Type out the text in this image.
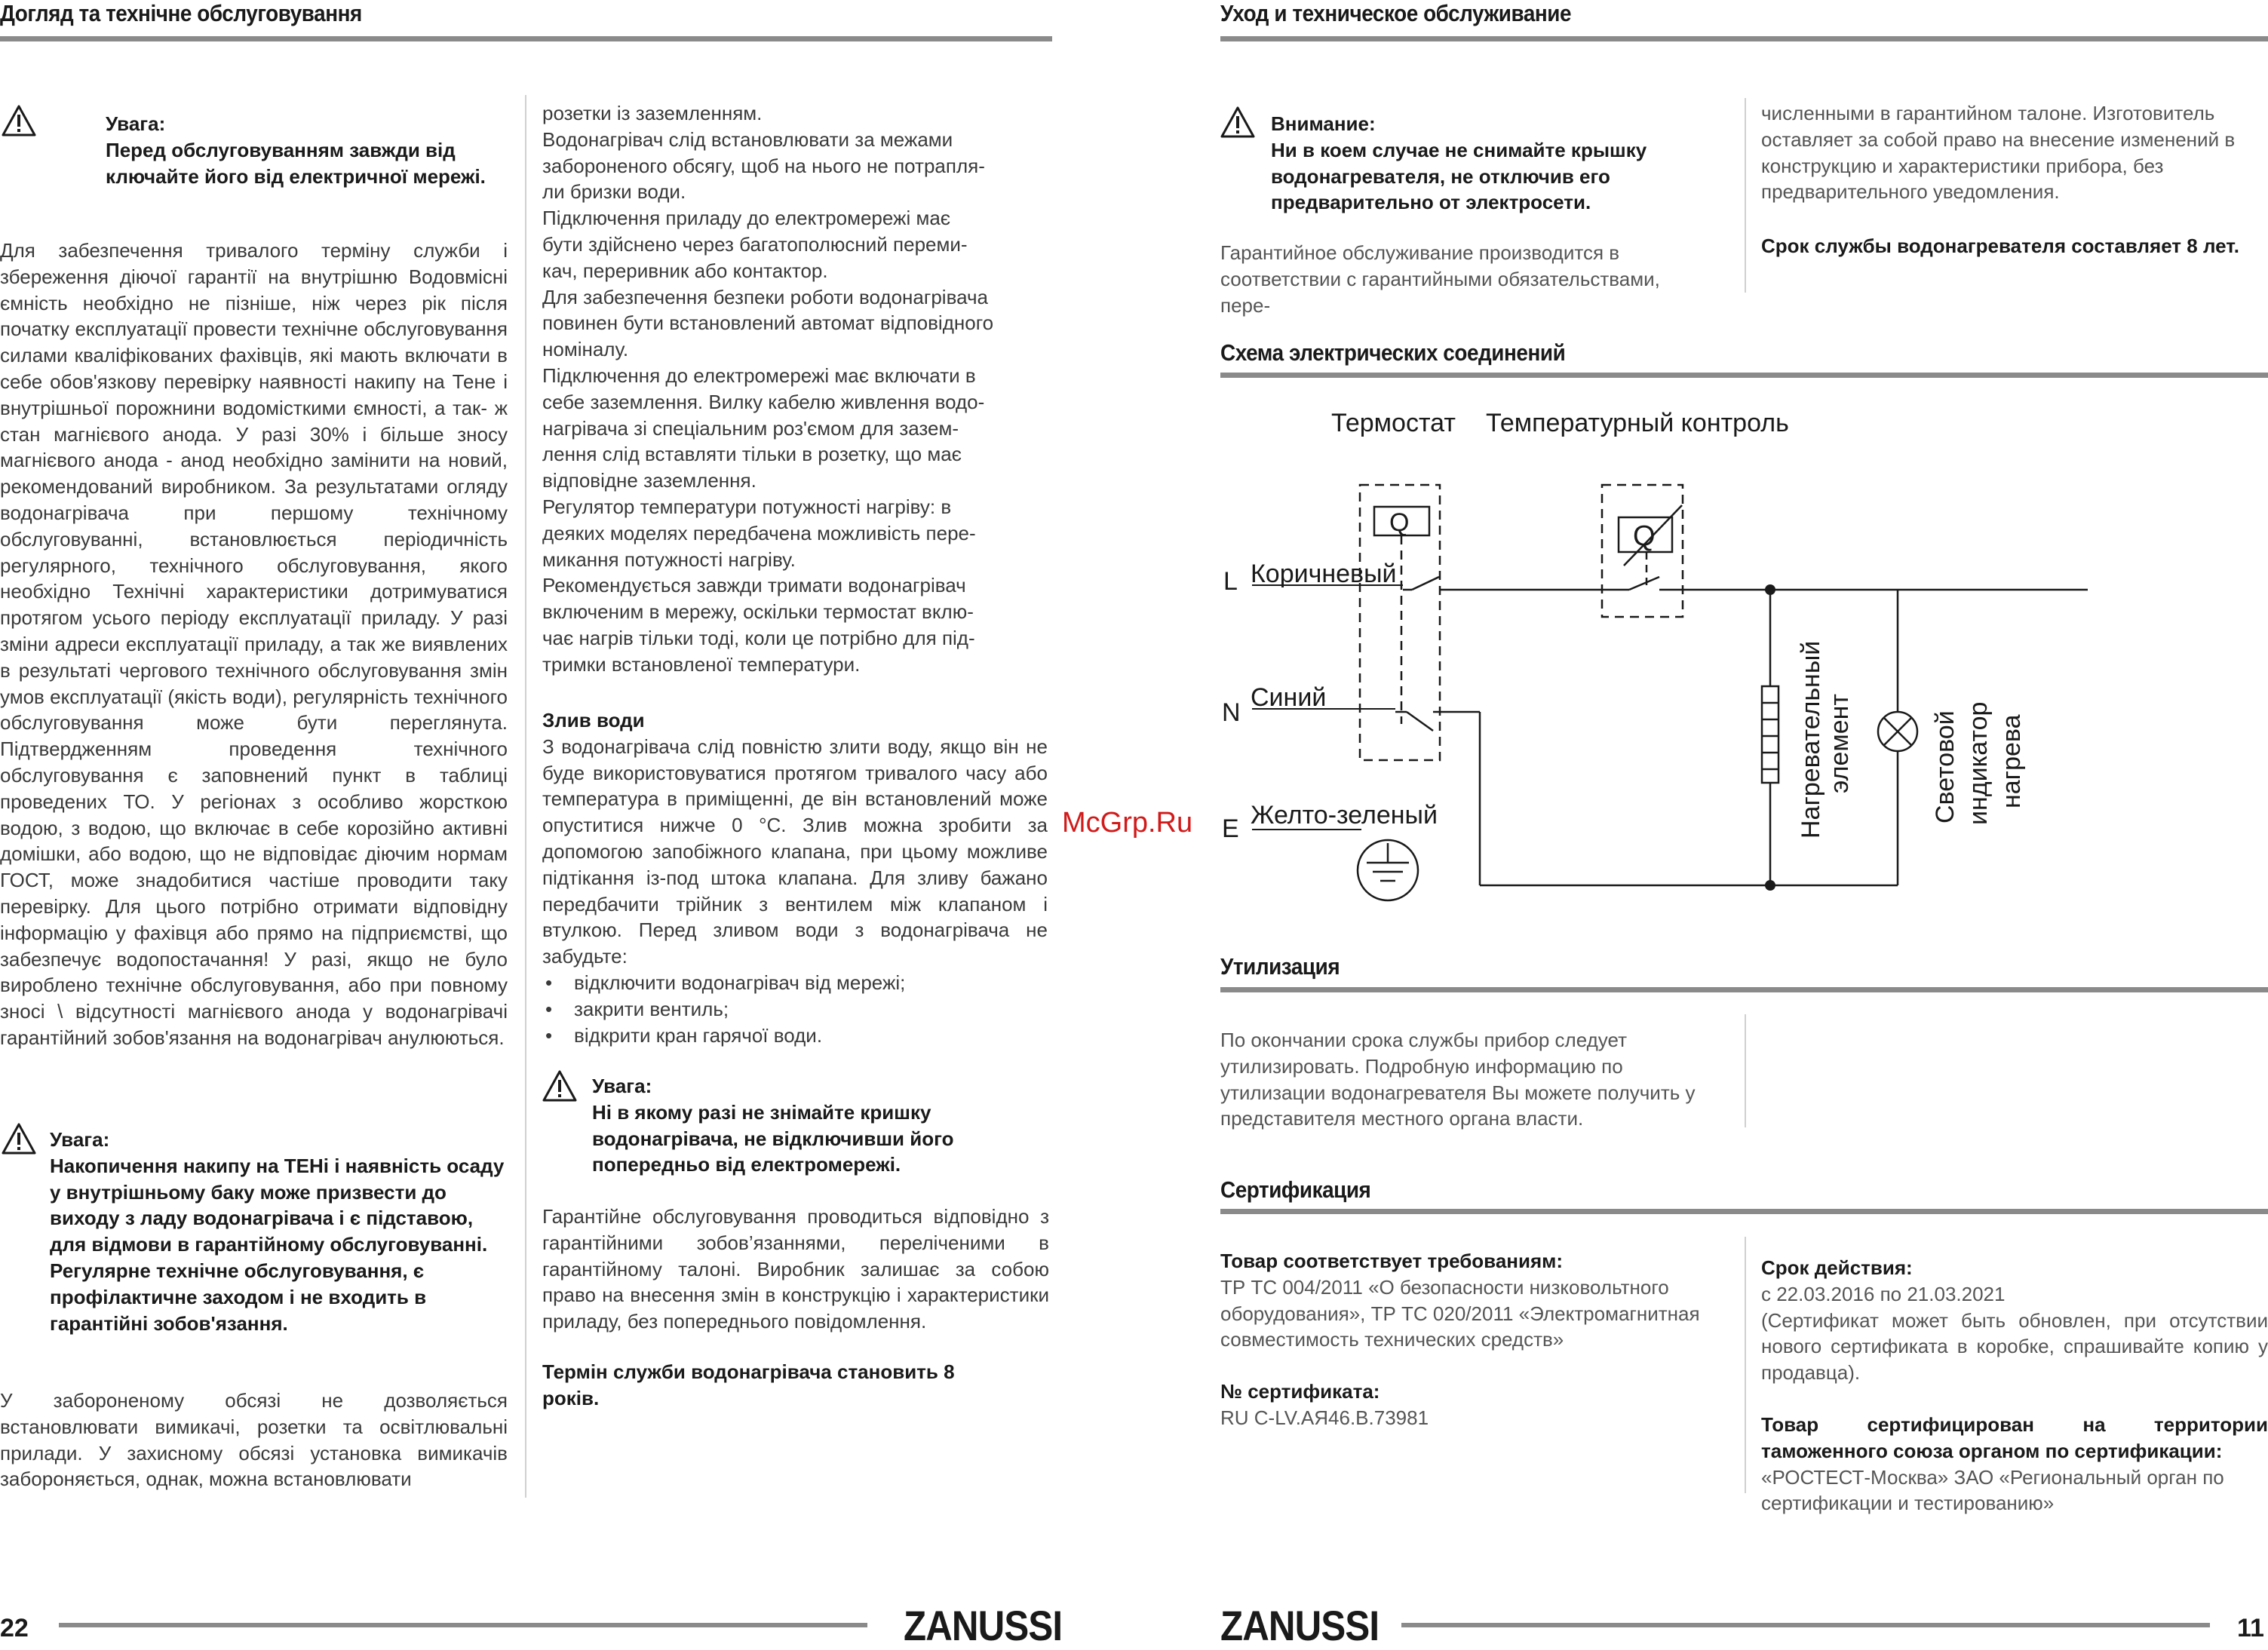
Догляд та технічне обслуговування
Увага:
Перед обслуговуванням завжди від ключайте його від електричної мережі.
Для забезпечення тривалого терміну служби і збереження діючої гарантії на внутрішню Водовмісні ємність необхідно не пізніше, ніж через рік після початку експлуатації провести технічне обслуговування силами кваліфікованих фахівців, які мають включати в себе обов'язкову перевірку наявності накипу на Тене і внутрішньої порожнини водомісткими ємності, а так- ж стан магнієвого анода. У разі 30% і більше зносу магнієвого анода - анод необхідно замінити на новий, рекомендований виробником. За результатами огляду водонагрівача при першому технічному обслуговуванні, встановлюється періодичність регулярного, технічного обслуговування, якого необхідно Технічні характеристики дотримуватися протягом усього періоду експлуатації приладу. У разі зміни адреси експлуатації приладу, а так же виявлених в результаті чергового технічного обслуговування змін умов експлуатації (якість води), регулярність технічного обслуговування може бути переглянута. Підтвердженням проведення технічного обслуговування є заповнений пункт в таблиці проведених ТО. У регіонах з особливо жорсткою водою, з водою, що включає в себе корозійно активні домішки, або водою, що не відповідає діючим нормам ГОСТ, може знадобитися частіше проводити таку перевірку. Для цього потрібно отримати відповідну інформацію у фахівця або прямо на підприємстві, що забезпечує водопостачання! У разі, якщо не було вироблено технічне обслуговування, або при повному зносі \ відсутності магнієвого анода у водонагрівачі гарантійний зобов'язання на водонагрівач анулюються.
Увага:
Накопичення накипу на ТЕНі і наявність осаду у внутрішньому баку може призвести до виходу з ладу водонагрівача і є підставою, для відмови в гарантійному обслуговуванні. Регулярне технічне обслуговування, є профілактичне заходом і не входить в гарантійні зобов'язання.
У забороненому обсязі не дозволяється встановлювати вимикачі, розетки та освітлювальні прилади. У захисному обсязі установка вимикачів забороняється, однак, можна встановлювати
розетки із заземленням.
Водонагрівач слід встановлювати за межами
забороненого обсягу, щоб на нього не потрапля-
ли бризки води.
Підключення приладу до електромережі має
бути здійснено через багатополюсний переми-
кач, переривник або контактор.
Для забезпечення безпеки роботи водонагрівача
повинен бути встановлений автомат відповідного
номіналу.
Підключення до електромережі має включати в
себе заземлення. Вилку кабелю живлення водо-
нагрівача зі спеціальним роз'ємом для зазем-
лення слід вставляти тільки в розетку, що має
відповідне заземлення.
Регулятор температури потужності нагріву: в
деяких моделях передбачена можливість пере-
микання потужності нагріву.
Рекомендується завжди тримати водонагрівач
включеним в мережу, оскільки термостат вклю-
чає нагрів тільки тоді, коли це потрібно для під-
тримки встановленої температури.
Злив води
З водонагрівача слід повністю злити воду, якщо він не буде використовуватися протягом тривалого часу або температура в приміщенні, де він встановлений може опуститися нижче 0 °С. Злив можна зробити за допомогою запобіжного клапана, при цьому можливе підтікання із-под штока клапана. Для зливу бажано передбачити трійник з вентилем між клапаном і втулкою. Перед зливом води з водонагрівача не забудьте:
• відключити водонагрівач від мережі;
• закрити вентиль;
• відкрити кран гарячої води.
Увага:
Ні в якому разі не знімайте кришку водонагрівача, не відключивши його попередньо від електромережі.
Гарантійне обслуговування проводиться відповідно з гарантійними зобов’язаннями, переліченими в гарантійному талоні. Виробник залишає за собою право на внесення змін в конструкцію і характеристики приладу, без попереднього повідомлення.
Термін служби водонагрівача становить 8 років.
22	ZANUSSI
Уход и техническое обслуживание
Внимание:
Ни в коем случае не снимайте крышку водонагревателя, не отключив его предварительно от электросети.
Гарантийное обслуживание производится в соответствии с гарантийными обязательствами, пере-
численными в гарантийном талоне. Изготовитель оставляет за собой право на внесение изменений в конструкцию и характеристики прибора, без предварительного уведомления.
Срок службы водонагревателя составляет 8 лет.
Схема электрических соединений
Термостат Температурный контроль
Q	Q
L Коричневый
N
Синий
E Желто-зеленый	Нагревательный элемент	Световой индикатор нагрева
McGrp.Ru
Утилизация
По окончании срока службы прибор следует утилизировать. Подробную информацию по утилизации водонагревателя Вы можете получить у представителя местного органа власти.
Сертификация
Товар соответствует требованиям:
ТР ТС 004/2011 «О безопасности низковольтного оборудования», ТР ТС 020/2011 «Электромагнитная совместимость технических средств»
№ сертификата:
RU C-LV.АЯ46.В.73981
Срок действия:
с 22.03.2016 по 21.03.2021
(Сертификат может быть обновлен, при отсутствии нового сертификата в коробке, спрашивайте копию у продавца).
Товар сертифицирован на территории таможенного союза органом по сертификации:
«РОСТЕСТ-Москва» ЗАО «Региональный орган по сертификации и тестированию»
ZANUSSI	11
